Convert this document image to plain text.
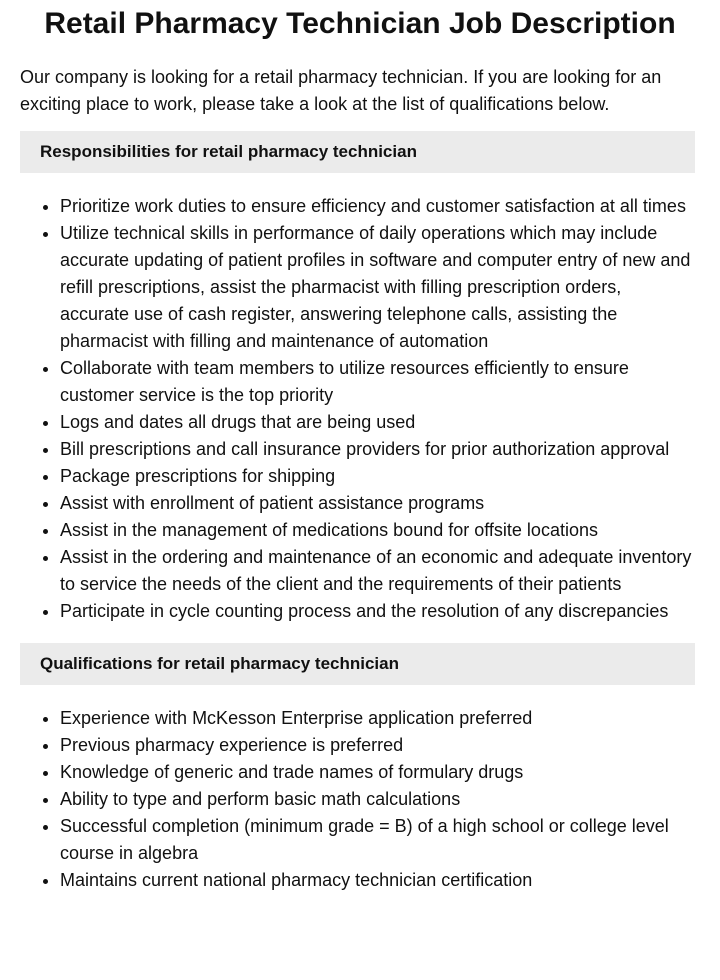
Retail Pharmacy Technician Job Description

Our company is looking for a retail pharmacy technician. If you are looking for an exciting place to work, please take a look at the list of qualifications below.

Responsibilities for retail pharmacy technician
• Prioritize work duties to ensure efficiency and customer satisfaction at all times
• Utilize technical skills in performance of daily operations which may include accurate updating of patient profiles in software and computer entry of new and refill prescriptions, assist the pharmacist with filling prescription orders, accurate use of cash register, answering telephone calls, assisting the pharmacist with filling and maintenance of automation
• Collaborate with team members to utilize resources efficiently to ensure customer service is the top priority
• Logs and dates all drugs that are being used
• Bill prescriptions and call insurance providers for prior authorization approval
• Package prescriptions for shipping
• Assist with enrollment of patient assistance programs
• Assist in the management of medications bound for offsite locations
• Assist in the ordering and maintenance of an economic and adequate inventory to service the needs of the client and the requirements of their patients
• Participate in cycle counting process and the resolution of any discrepancies
Qualifications for retail pharmacy technician
• Experience with McKesson Enterprise application preferred
• Previous pharmacy experience is preferred
• Knowledge of generic and trade names of formulary drugs
• Ability to type and perform basic math calculations
• Successful completion (minimum grade = B) of a high school or college level course in algebra
• Maintains current national pharmacy technician certification
